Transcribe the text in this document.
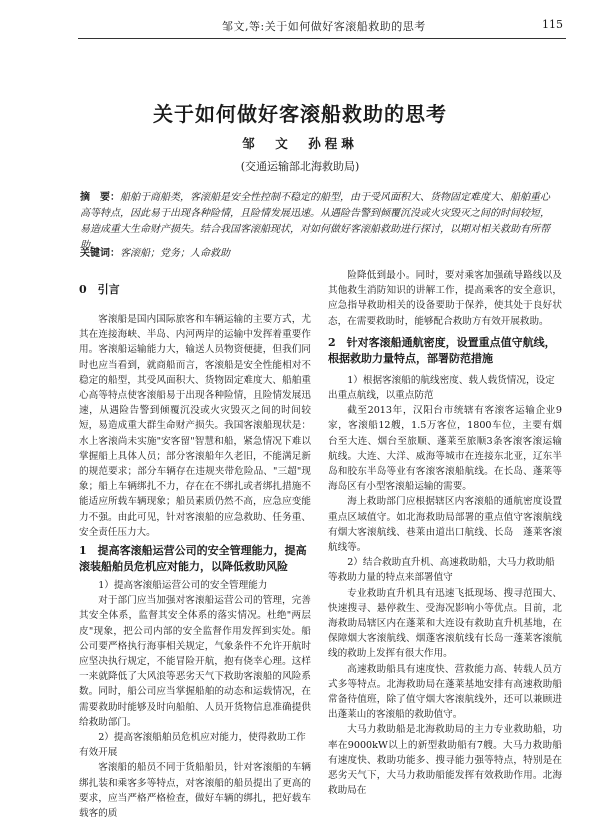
邹文,等:关于如何做好客滚船救助的思考	115
关于如何做好客滚船救助的思考
邹　文　孙程琳
(交通运输部北海救助局)
摘　要：船舶于商船类，客滚船是安全性控制不稳定的船型，由于受风面积大、货物固定难度大、船舶重心高等特点，因此易于出现各种险情，且险情发展迅速。从遇险告警到倾覆沉没或火灾毁灭之间的时间较短，易造成重大生命财产损失。结合我国客滚船现状，对如何做好客滚船救助进行探讨，以期对相关救助有所帮助。
关键词：客滚船；党务；人命救助
0　引言

客滚船是国内国际旅客和车辆运输的主要方式，尤其在连接海峡、半岛、内河两岸的运输中发挥着重要作用。客滚船运输能力大，输送人员物资便捷，但我们同时也应当看到，就商船而言，客滚船是安全性能相对不稳定的船型，其受风面积大、货物固定难度大、船舶重心高等特点使客滚船易于出现各种险情，且险情发展迅速，从遇险告警到倾覆沉没或火灾毁灭之间的时间较短，易造成重大群生命财产损失。我国客滚船现状是：水上客滚尚未实施"安客留"智慧和船，紧急情况下难以掌握船上具体人员；部分客滚船年久老旧，不能满足新的规范要求；部分车辆存在违规夹带危险品、"三超"现象；船上车辆绑扎不力，存在在不绑扎或者绑扎措施不能适应所载车辆现象；船员素质仍然不高，应急应变能力不强。由此可见，针对客滚船的应急救助、任务重、安全责任压力大。

1　提高客滚船运营公司的安全管理能力，提高滚装船舶员危机应对能力，以降低救助风险
1）提高客滚船运营公司的安全管理能力

对于部门应当加强对客滚船运营公司的管理，完善其安全体系，监督其安全体系的落实情况。杜绝"两层皮"现象，把公司内部的安全监督作用发挥到实处。船公司要严格执行海事相关规定，气象条件不允许开航时应坚决执行规定，不能冒险开航，抱有侥幸心理。这样一来就降低了大风浪等恶劣天气下救助客滚船的风险系数。同时，船公司应当掌握船舶的动态和运载情况，在需要救助时能够及时向船舶、人员开货物信息准确提供给救助部门。

2）提高客滚船舶员危机应对能力，使得救助工作有效开展

客滚船的船员不同于货船船员，针对客滚船的车辆绑扎装和乘客多等特点，对客滚船的船员提出了更高的要求，应当严格严格检查，做好车辆的绑扎，把好载车载客的质

险降低到最小。同时，要对乘客加强疏导路线以及其他救生消防知识的讲解工作，提高乘客的安全意识，应急指导救助相关的设备要助于保养，使其处于良好状态，在需要救助时，能够配合救助方有效开展救助。

2　针对客滚船通航密度，设置重点值守航线，根据救助力量特点，部署防范措施
1）根据客滚船的航线密度、载人载货情况，设定出重点航线，以重点防范

截至2013年，汉阳台市统辖有客滚客运输企业9家，客滚船12艘，1.5万客位，1800车位，主要有烟台至大连、烟台至旅顺、蓬莱至旅顺3条客滚客滚运输航线。大连、大洋、威海等城市在连接东北亚，辽东半岛和胶东半岛等业有客滚客滚船航线。在长岛、蓬莱等海岛区有小型客滚船运输的需要。

海上救助部门应根据辖区内客滚船的通航密度设置重点区域值守。如北海救助局部署的重点值守客滚航线有烟大客滚航线、巷莱由道出口航线、长岛　蓬莱客滚航线等。

2）结合救助直升机、高速救助船，大马力救助船等救助力量的特点来部署值守

专业救助直升机具有迅速飞抵现场、搜寻范围大、快速搜寻、悬停救生、受海况影响小等优点。目前，北海救助局辖区内在蓬莱和大连设有救助直升机基地，在保障烟大客滚航线、烟蓬客滚航线有长岛一蓬莱客滚航线的救助上发挥有很大作用。

高速救助船具有速度快、营救能力高、转载人员方式多等特点。北海救助局在蓬莱基地安排有高速救助船常备待值班，除了值守烟大客滚航线外，还可以兼顾进出蓬莱山的客滚船的救助值守。

大马力救助船是北海救助局的主力专业救助船，功率在9000kW以上的新型救助船有7艘。大马力救助船有速度快、救助功能多、搜寻能力强等特点，特别是在恶劣天气下，大马力救助船能发挥有效救助作用。北海救助局在
